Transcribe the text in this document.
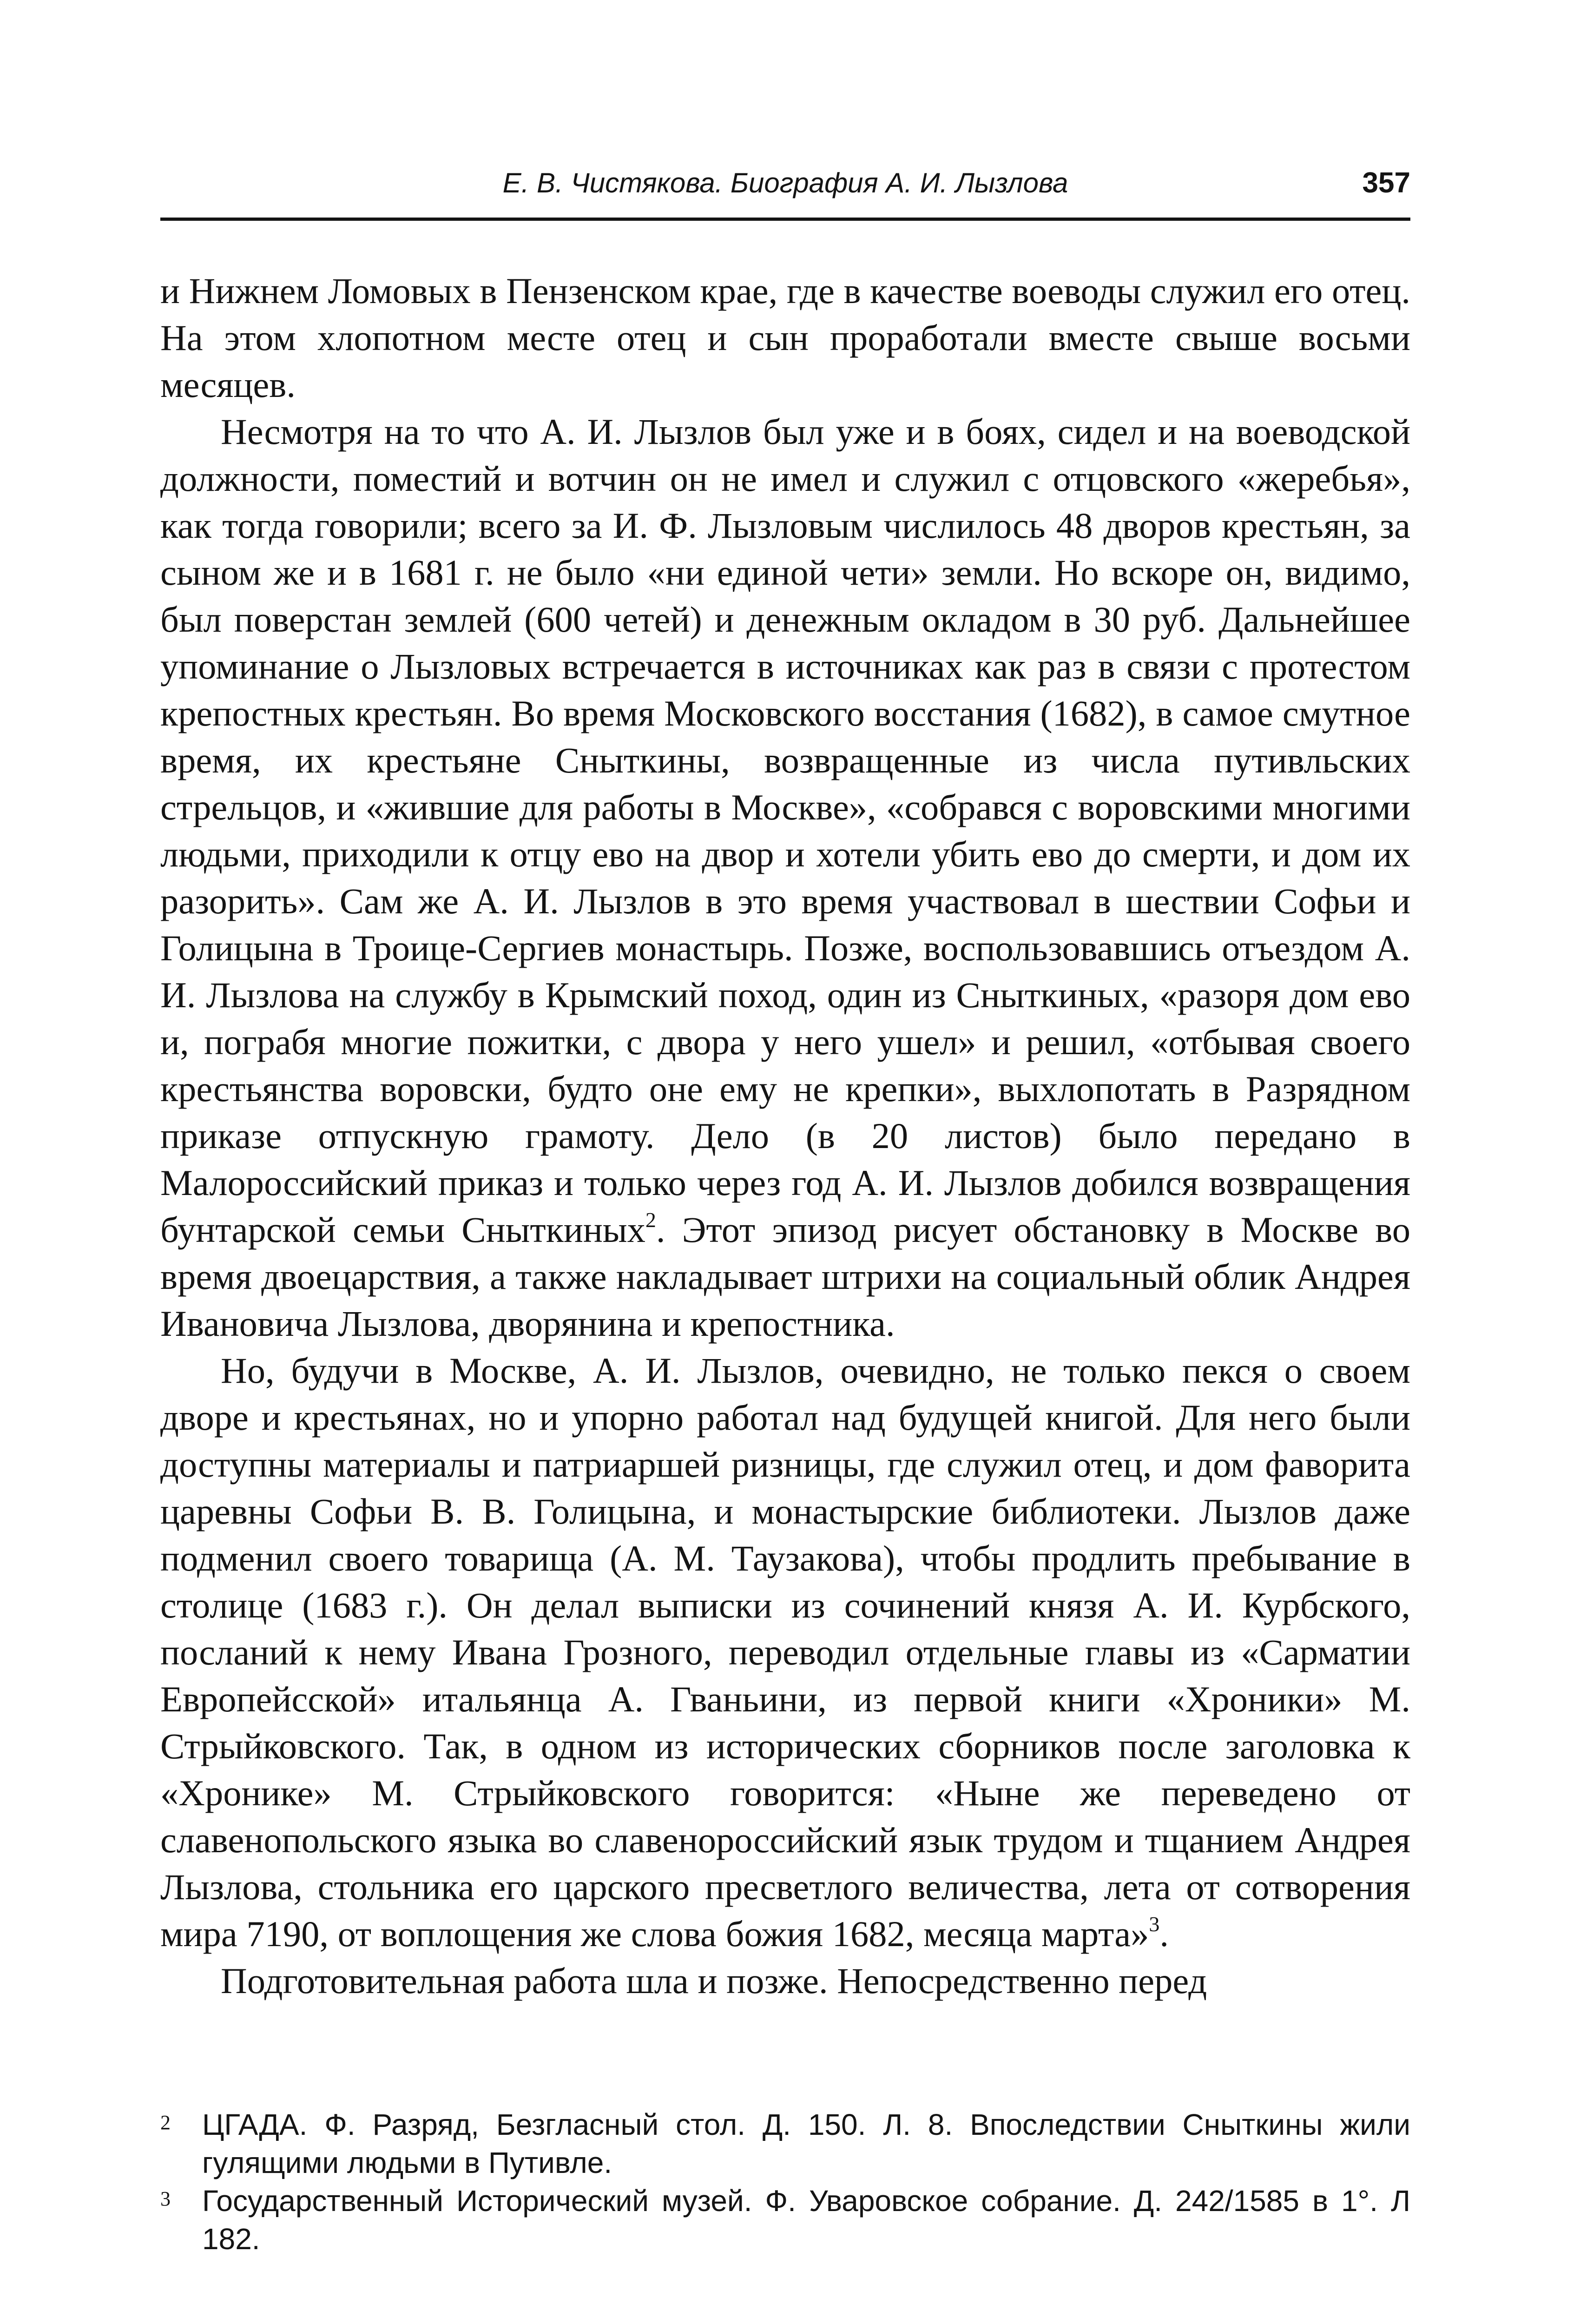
Е. В. Чистякова. Биография А. И. Лызлова	357

и Нижнем Ломовых в Пензенском крае, где в качестве воеводы служил его отец. На этом хлопотном месте отец и сын проработали вместе свыше восьми месяцев.

Несмотря на то что А. И. Лызлов был уже и в боях, сидел и на воеводской должности, поместий и вотчин он не имел и служил с отцовского «жеребья», как тогда говорили; всего за И. Ф. Лызловым числилось 48 дворов крестьян, за сыном же и в 1681 г. не было «ни единой чети» земли. Но вскоре он, видимо, был поверстан землей (600 четей) и денежным окладом в 30 руб. Дальнейшее упоминание о Лызловых встречается в источниках как раз в связи с протестом крепостных крестьян. Во время Московского восстания (1682), в самое смутное время, их крестьяне Сныткины, возвращенные из числа путивльских стрельцов, и «жившие для работы в Москве», «собрався с воровскими многими людьми, приходили к отцу ево на двор и хотели убить ево до смерти, и дом их разорить». Сам же А. И. Лызлов в это время участвовал в шествии Софьи и Голицына в Троице-Сергиев монастырь. Позже, воспользовавшись отъездом А. И. Лызлова на службу в Крымский поход, один из Сныткиных, «разоря дом ево и, пограбя многие пожитки, с двора у него ушел» и решил, «отбывая своего крестьянства воровски, будто оне ему не крепки», выхлопотать в Разрядном приказе отпускную грамоту. Дело (в 20 листов) было передано в Малороссийский приказ и только через год А. И. Лызлов добился возвращения бунтарской семьи Сныткиных$^2$. Этот эпизод рисует обстановку в Москве во время двоецарствия, а также накладывает штрихи на социальный облик Андрея Ивановича Лызлова, дворянина и крепостника.

Но, будучи в Москве, А. И. Лызлов, очевидно, не только пекся о своем дворе и крестьянах, но и упорно работал над будущей книгой. Для него были доступны материалы и патриаршей ризницы, где служил отец, и дом фаворита царевны Софьи В. В. Голицына, и монастырские библиотеки. Лызлов даже подменил своего товарища (А. М. Таузакова), чтобы продлить пребывание в столице (1683 г.). Он делал выписки из сочинений князя А. И. Курбского, посланий к нему Ивана Грозного, переводил отдельные главы из «Сарматии Европейсской» итальянца А. Гваньини, из первой книги «Хроники» М. Стрыйковского. Так, в одном из исторических сборников после заголовка к «Хронике» М. Стрыйковского говорится: «Ныне же переведено от славенопольского языка во славенороссийский язык трудом и тщанием Андрея Лызлова, стольника его царского пресветлого величества, лета от сотворения мира 7190, от воплощения же слова божия 1682, месяца марта»$^3$.

Подготовительная работа шла и позже. Непосредственно перед

2 ЦГАДА. Ф. Разряд, Безгласный стол. Д. 150. Л. 8. Впоследствии Сныткины жили гулящими людьми в Путивле.

3 Государственный Исторический музей. Ф. Уваровское собрание. Д. 242/1585 в 1°. Л 182.
